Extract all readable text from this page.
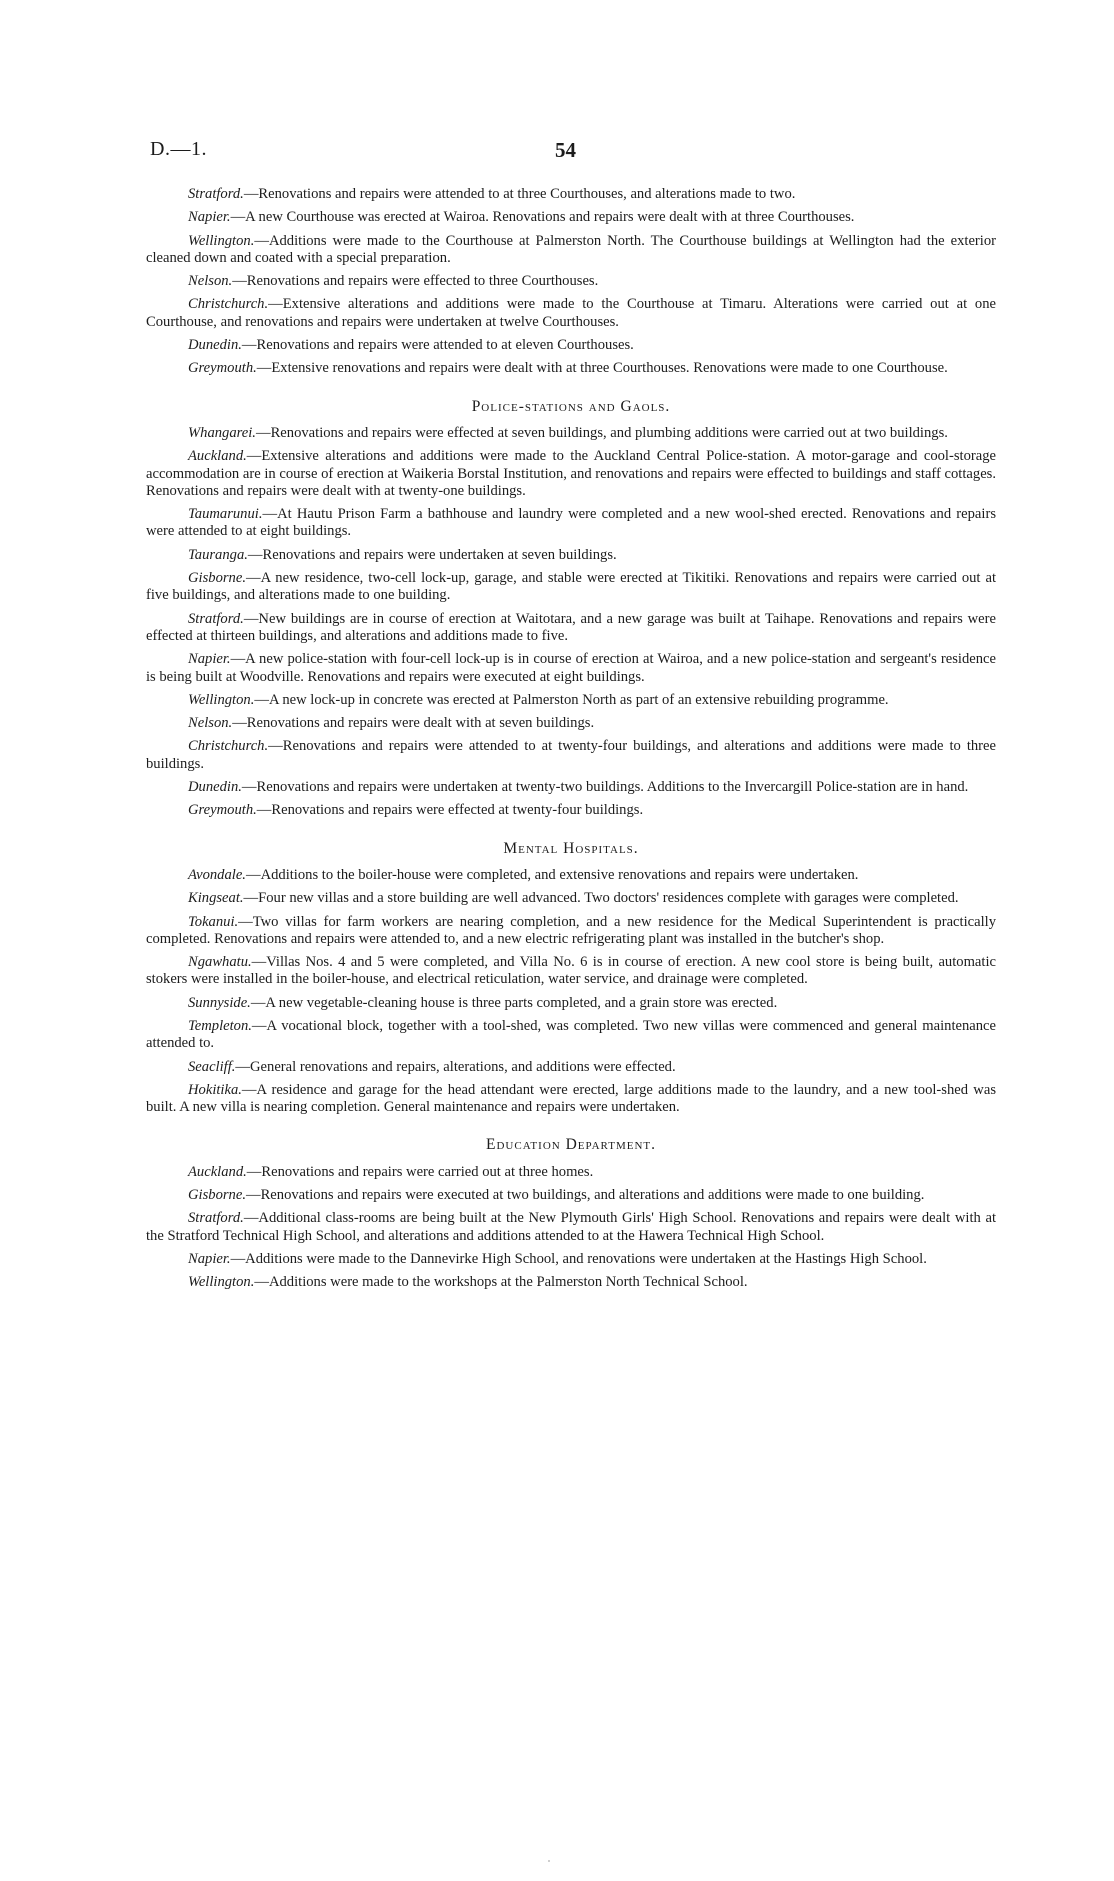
D.—1.	54

Stratford.—Renovations and repairs were attended to at three Courthouses, and alterations made to two.

Napier.—A new Courthouse was erected at Wairoa. Renovations and repairs were dealt with at three Courthouses.

Wellington.—Additions were made to the Courthouse at Palmerston North. The Courthouse buildings at Wellington had the exterior cleaned down and coated with a special preparation.

Nelson.—Renovations and repairs were effected to three Courthouses.

Christchurch.—Extensive alterations and additions were made to the Courthouse at Timaru. Alterations were carried out at one Courthouse, and renovations and repairs were undertaken at twelve Courthouses.

Dunedin.—Renovations and repairs were attended to at eleven Courthouses.

Greymouth.—Extensive renovations and repairs were dealt with at three Courthouses. Renovations were made to one Courthouse.

Police-stations and Gaols.

Whangarei.—Renovations and repairs were effected at seven buildings, and plumbing additions were carried out at two buildings.

Auckland.—Extensive alterations and additions were made to the Auckland Central Police-station. A motor-garage and cool-storage accommodation are in course of erection at Waikeria Borstal Institution, and renovations and repairs were effected to buildings and staff cottages. Renovations and repairs were dealt with at twenty-one buildings.

Taumarunui.—At Hautu Prison Farm a bathhouse and laundry were completed and a new wool-shed erected. Renovations and repairs were attended to at eight buildings.

Tauranga.—Renovations and repairs were undertaken at seven buildings.

Gisborne.—A new residence, two-cell lock-up, garage, and stable were erected at Tikitiki. Renovations and repairs were carried out at five buildings, and alterations made to one building.

Stratford.—New buildings are in course of erection at Waitotara, and a new garage was built at Taihape. Renovations and repairs were effected at thirteen buildings, and alterations and additions made to five.

Napier.—A new police-station with four-cell lock-up is in course of erection at Wairoa, and a new police-station and sergeant's residence is being built at Woodville. Renovations and repairs were executed at eight buildings.

Wellington.—A new lock-up in concrete was erected at Palmerston North as part of an extensive rebuilding programme.

Nelson.—Renovations and repairs were dealt with at seven buildings.

Christchurch.—Renovations and repairs were attended to at twenty-four buildings, and alterations and additions were made to three buildings.

Dunedin.—Renovations and repairs were undertaken at twenty-two buildings. Additions to the Invercargill Police-station are in hand.

Greymouth.—Renovations and repairs were effected at twenty-four buildings.

Mental Hospitals.

Avondale.—Additions to the boiler-house were completed, and extensive renovations and repairs were undertaken.

Kingseat.—Four new villas and a store building are well advanced. Two doctors' residences complete with garages were completed.

Tokanui.—Two villas for farm workers are nearing completion, and a new residence for the Medical Superintendent is practically completed. Renovations and repairs were attended to, and a new electric refrigerating plant was installed in the butcher's shop.

Ngawhatu.—Villas Nos. 4 and 5 were completed, and Villa No. 6 is in course of erection. A new cool store is being built, automatic stokers were installed in the boiler-house, and electrical reticulation, water service, and drainage were completed.

Sunnyside.—A new vegetable-cleaning house is three parts completed, and a grain store was erected.

Templeton.—A vocational block, together with a tool-shed, was completed. Two new villas were commenced and general maintenance attended to.

Seacliff.—General renovations and repairs, alterations, and additions were effected.

Hokitika.—A residence and garage for the head attendant were erected, large additions made to the laundry, and a new tool-shed was built. A new villa is nearing completion. General maintenance and repairs were undertaken.

Education Department.

Auckland.—Renovations and repairs were carried out at three homes.

Gisborne.—Renovations and repairs were executed at two buildings, and alterations and additions were made to one building.

Stratford.—Additional class-rooms are being built at the New Plymouth Girls' High School. Renovations and repairs were dealt with at the Stratford Technical High School, and alterations and additions attended to at the Hawera Technical High School.

Napier.—Additions were made to the Dannevirke High School, and renovations were undertaken at the Hastings High School.

Wellington.—Additions were made to the workshops at the Palmerston North Technical School.
